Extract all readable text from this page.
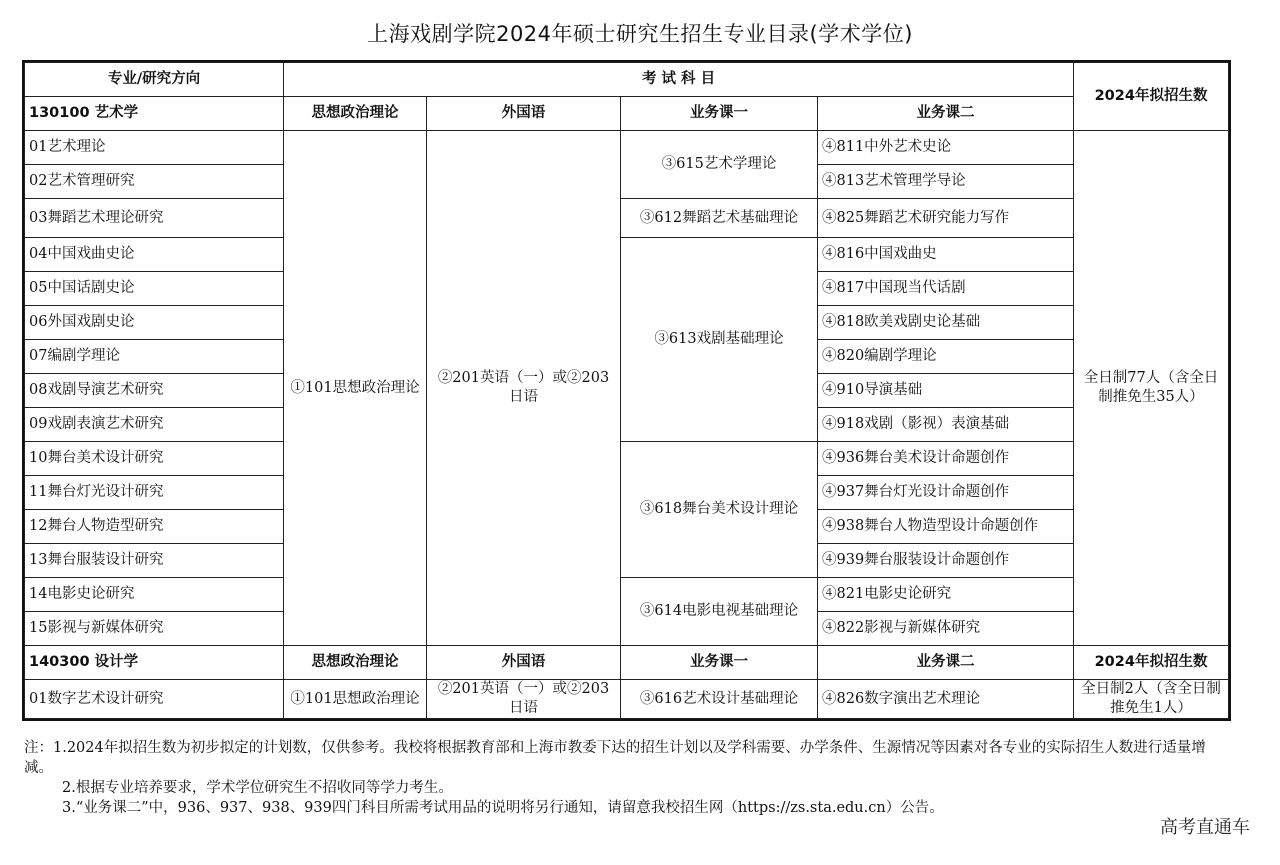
上海戏剧学院2024年硕士研究生招生专业目录(学术学位)
专业/研究方向	考 试 科 目				2024年拟招生数
130100 艺术学	思想政治理论	外国语	业务课一	业务课二	
01艺术理论	①101思想政治理论	②201英语（一）或②203日语	③615艺术学理论	④811中外艺术史论	全日制77人（含全日制推免生35人）
02艺术管理研究				④813艺术管理学导论	
03舞蹈艺术理论研究			③612舞蹈艺术基础理论	④825舞蹈艺术研究能力写作	
04中国戏曲史论			③613戏剧基础理论	④816中国戏曲史	
05中国话剧史论				④817中国现当代话剧	
06外国戏剧史论				④818欧美戏剧史论基础	
07编剧学理论				④820编剧学理论	
08戏剧导演艺术研究				④910导演基础	
09戏剧表演艺术研究				④918戏剧（影视）表演基础	
10舞台美术设计研究			③618舞台美术设计理论	④936舞台美术设计命题创作	
11舞台灯光设计研究				④937舞台灯光设计命题创作	
12舞台人物造型研究				④938舞台人物造型设计命题创作	
13舞台服装设计研究				④939舞台服装设计命题创作	
14电影史论研究			③614电影电视基础理论	④821电影史论研究	
15影视与新媒体研究				④822影视与新媒体研究	
140300 设计学	思想政治理论	外国语	业务课一	业务课二	2024年拟招生数
01数字艺术设计研究	①101思想政治理论	②201英语（一）或②203日语	③616艺术设计基础理论	④826数字演出艺术理论	全日制2人（含全日制推免生1人）

注：1.2024年拟招生数为初步拟定的计划数，仅供参考。我校将根据教育部和上海市教委下达的招生计划以及学科需要、办学条件、生源情况等因素对各专业的实际招生人数进行适量增减。

2.根据专业培养要求，学术学位研究生不招收同等学力考生。

3.“业务课二”中，936、937、938、939四门科目所需考试用品的说明将另行通知，请留意我校招生网（https://zs.sta.edu.cn）公告。

高考直通车
